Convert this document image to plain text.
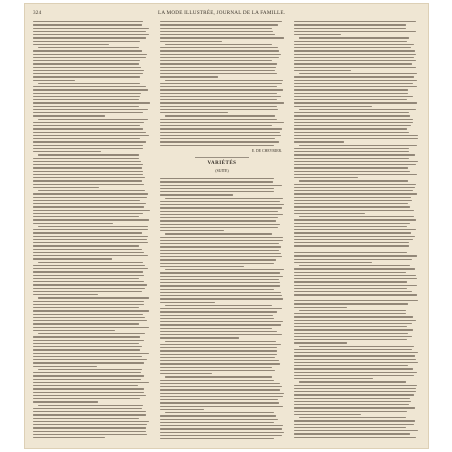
324	LA MODE ILLUSTRÉE, JOURNAL DE LA FAMILLE.
E. DE CHEVRIER.
VARIÉTÉS
(SUITE)
